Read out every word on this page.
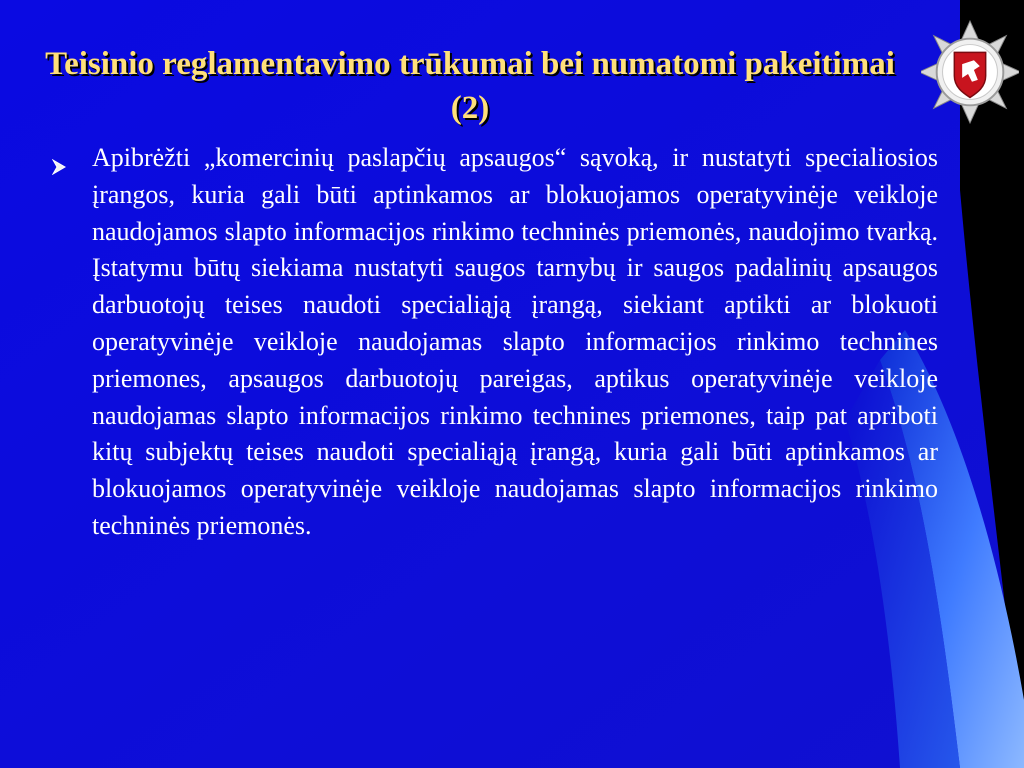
Teisinio reglamentavimo trūkumai bei numatomi pakeitimai (2)

Apibrėžti „komercinių paslapčių apsaugos“ sąvoką, ir nustatyti specialiosios įrangos, kuria gali būti aptinkamos ar blokuojamos operatyvinėje veikloje naudojamos slapto informacijos rinkimo techninės priemonės, naudojimo tvarką. Įstatymu būtų siekiama nustatyti saugos tarnybų ir saugos padalinių apsaugos darbuotojų teises naudoti specialiąją įrangą, siekiant aptikti ar blokuoti operatyvinėje veikloje naudojamas slapto informacijos rinkimo technines priemones, apsaugos darbuotojų pareigas, aptikus operatyvinėje veikloje naudojamas slapto informacijos rinkimo technines priemones, taip pat apriboti kitų subjektų teises naudoti specialiąją įrangą, kuria gali būti aptinkamos ar blokuojamos operatyvinėje veikloje naudojamas slapto informacijos rinkimo techninės priemonės.
